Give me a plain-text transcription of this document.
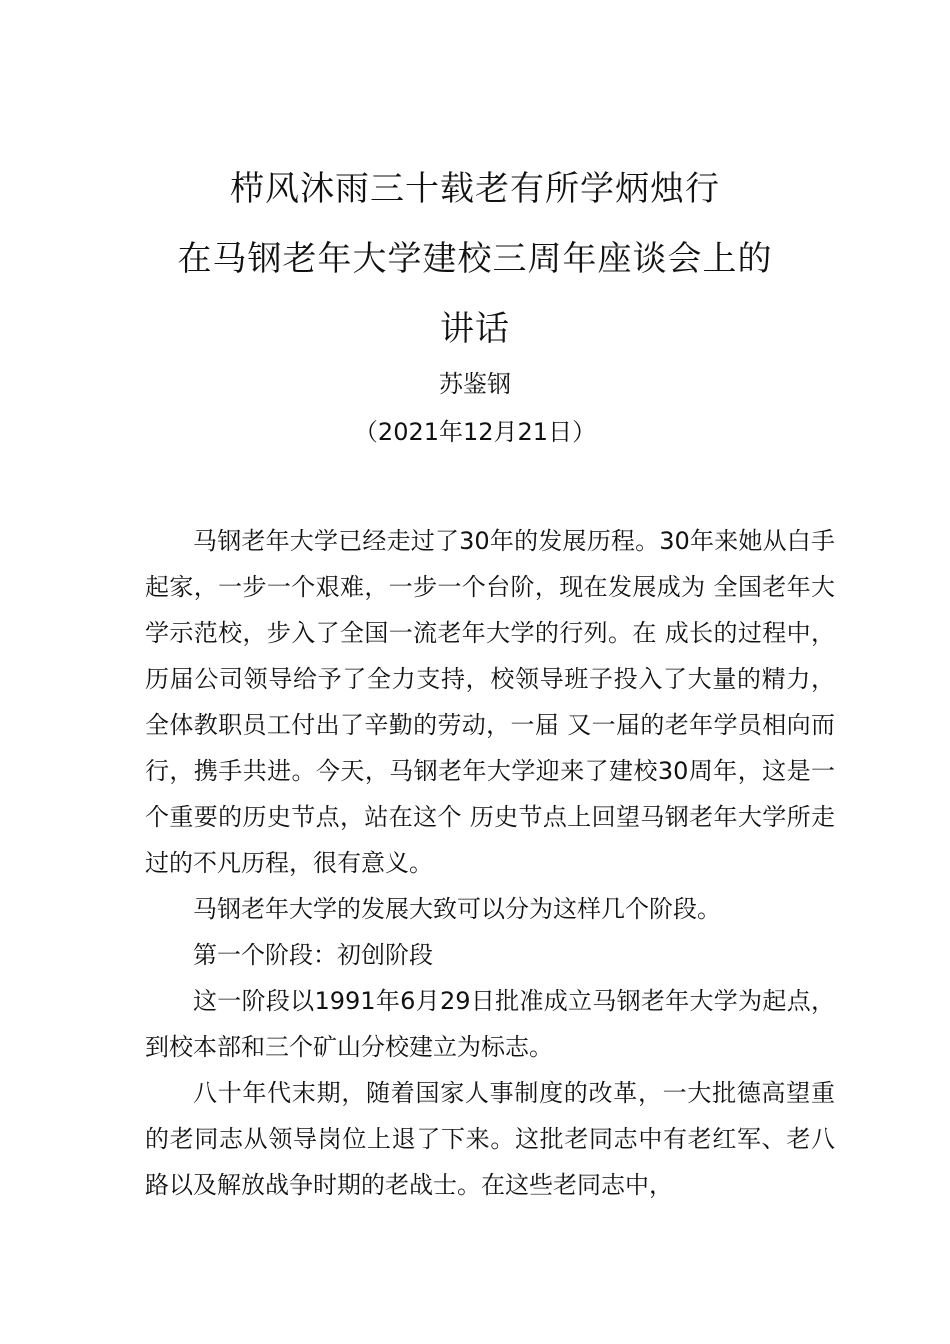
栉风沐雨三十载老有所学炳烛行
在马钢老年大学建校三周年座谈会上的
讲话
苏鉴钢
（2021年12月21日）

马钢老年大学已经走过了30年的发展历程。30年来她从白手起家，一步一个艰难，一步一个台阶，现在发展成为 全国老年大学示范校，步入了全国一流老年大学的行列。在 成长的过程中，历届公司领导给予了全力支持，校领导班子投入了大量的精力，全体教职员工付出了辛勤的劳动，一届 又一届的老年学员相向而行，携手共进。今天，马钢老年大学迎来了建校30周年，这是一个重要的历史节点，站在这个 历史节点上回望马钢老年大学所走过的不凡历程，很有意义。

马钢老年大学的发展大致可以分为这样几个阶段。

第一个阶段：初创阶段

这一阶段以1991年6月29日批准成立马钢老年大学为起点，到校本部和三个矿山分校建立为标志。

八十年代末期，随着国家人事制度的改革，一大批德高望重的老同志从领导岗位上退了下来。这批老同志中有老红军、老八路以及解放战争时期的老战士。在这些老同志中，
